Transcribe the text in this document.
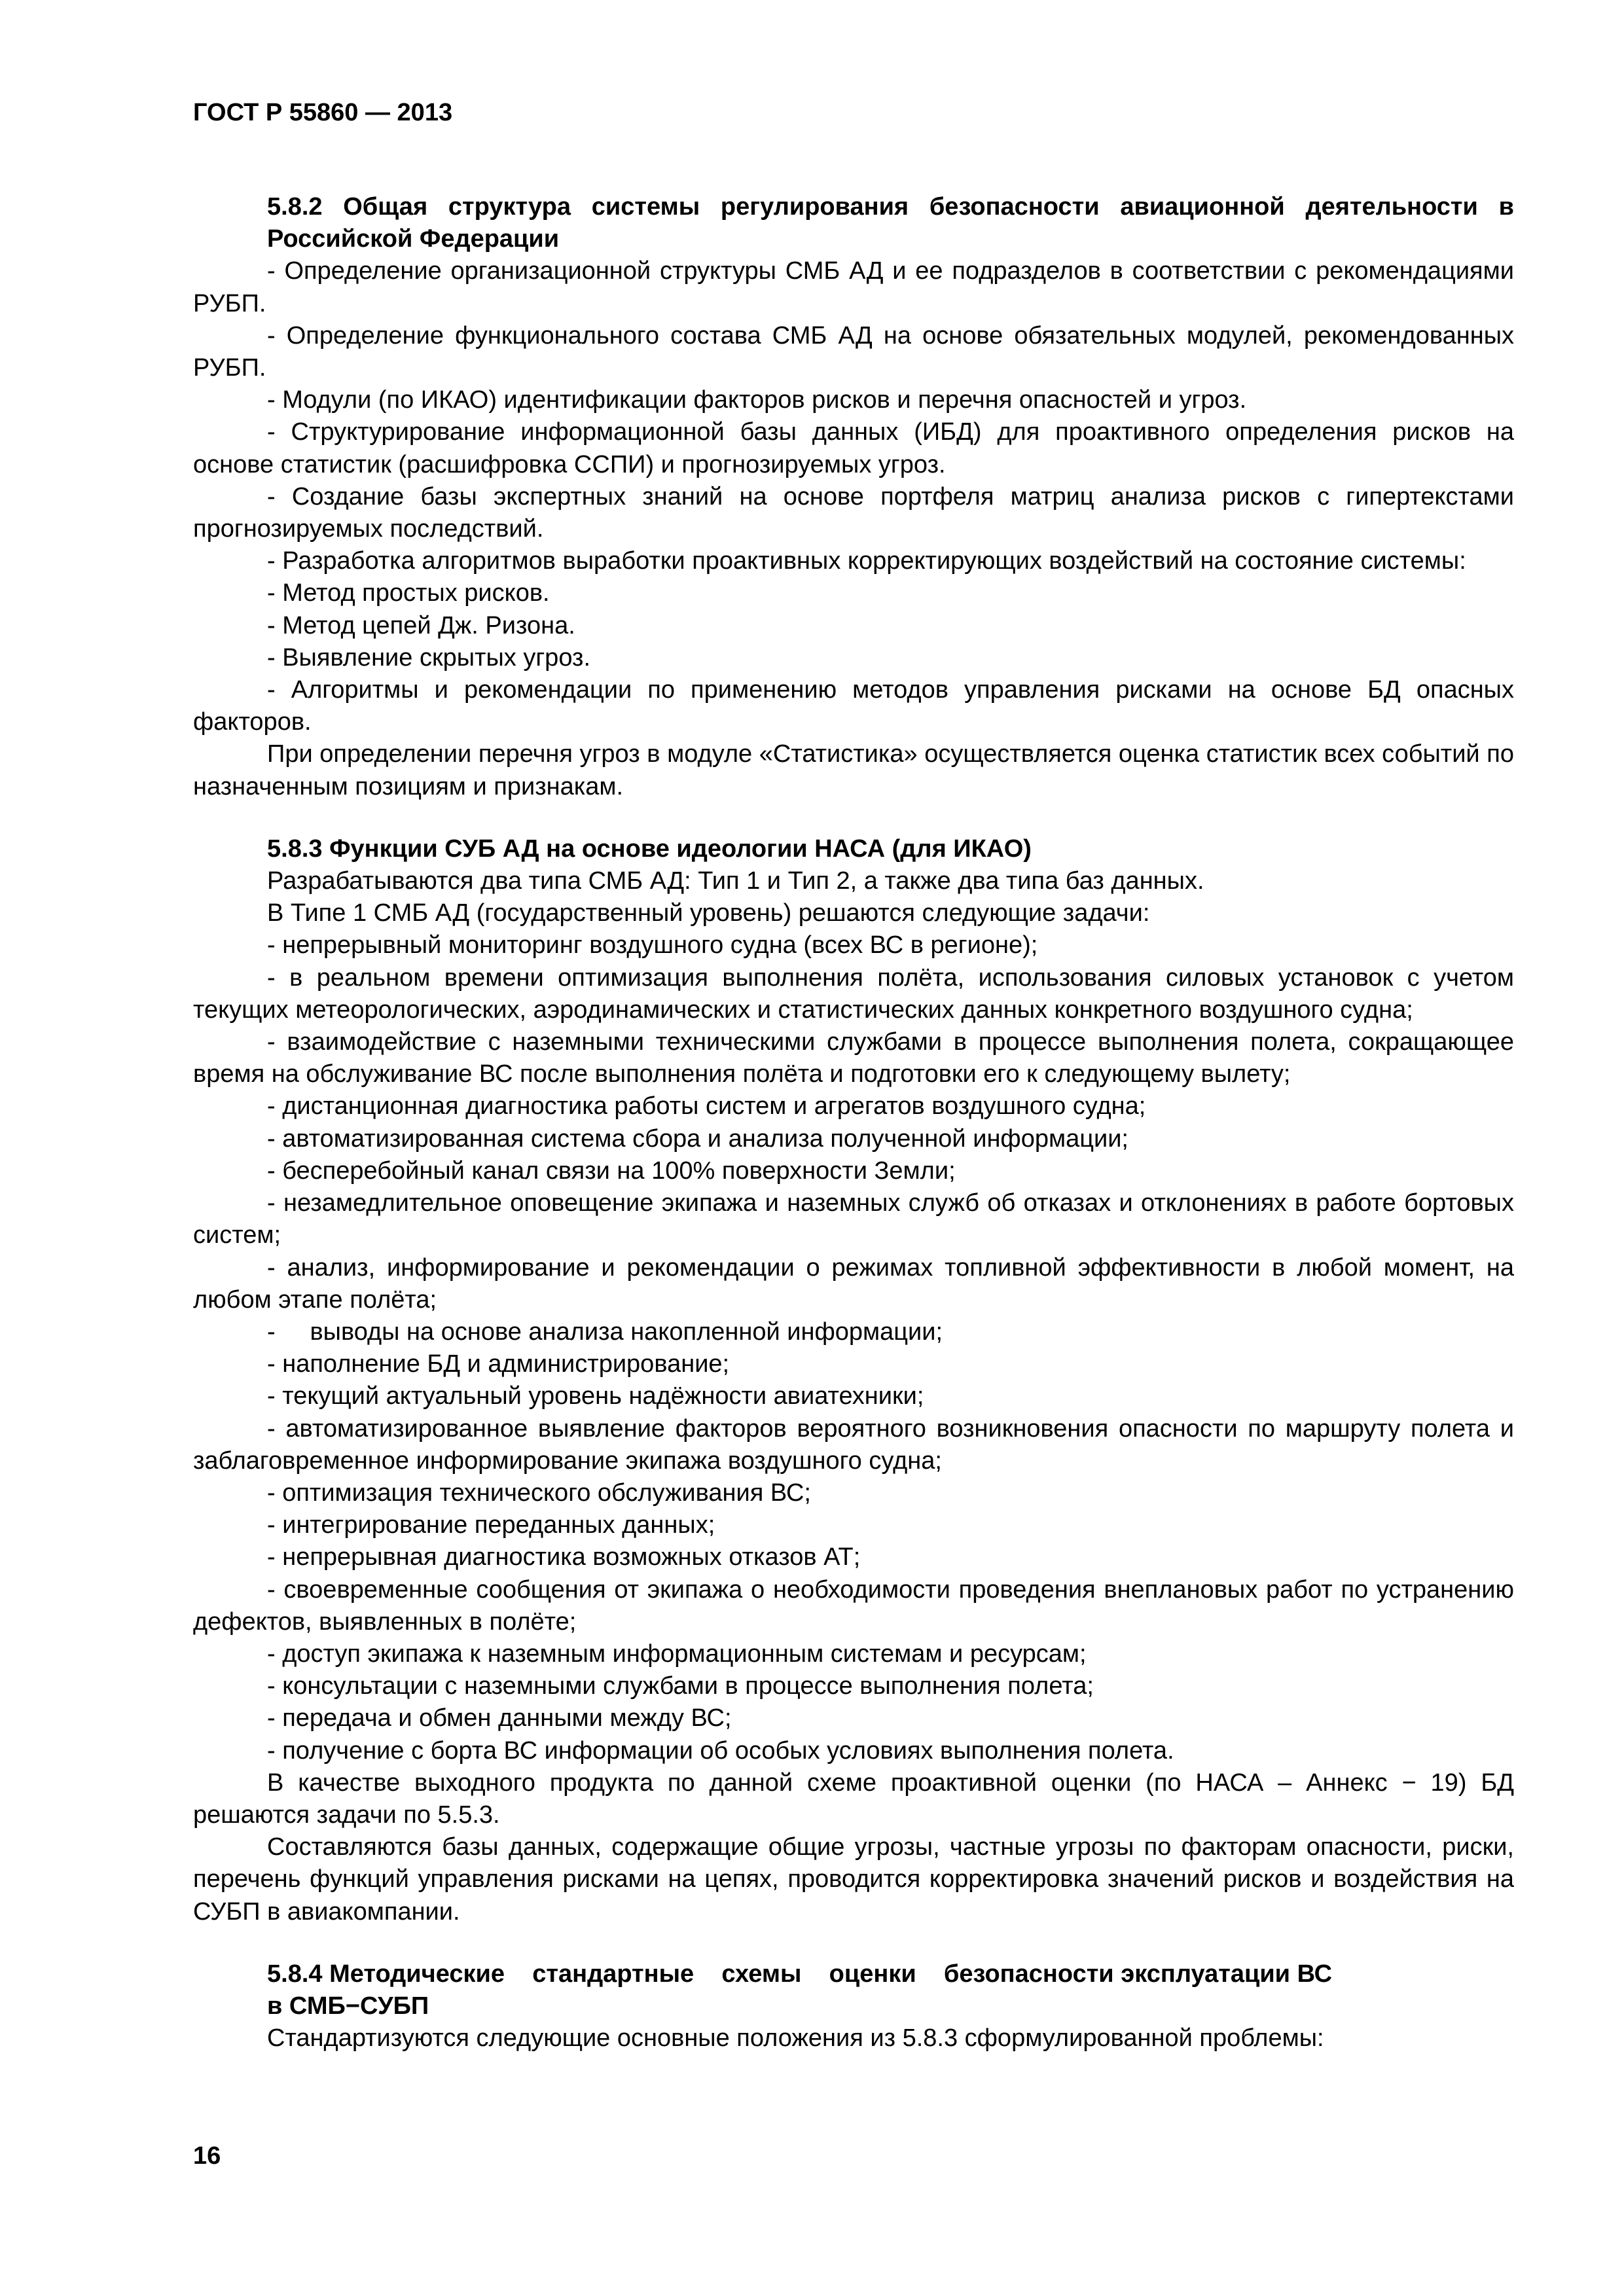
ГОСТ Р 55860 — 2013
5.8.2 Общая структура системы регулирования безопасности авиационной деятельности в Российской Федерации

- Определение организационной структуры СМБ АД и ее подразделов в соответствии с рекомендациями РУБП.

- Определение функционального состава СМБ АД на основе обязательных модулей, рекомендованных РУБП.

- Модули (по ИКАО) идентификации факторов рисков и перечня опасностей и угроз.

- Структурирование информационной базы данных (ИБД) для проактивного определения рисков на основе статистик (расшифровка ССПИ) и прогнозируемых угроз.

- Создание базы экспертных знаний на основе портфеля матриц анализа рисков с гипертекстами прогнозируемых последствий.

- Разработка алгоритмов выработки проактивных корректирующих воздействий на состояние системы:

- Метод простых рисков.

- Метод цепей Дж. Ризона.

- Выявление скрытых угроз.

- Алгоритмы и рекомендации по применению методов управления рисками на основе БД опасных факторов.

При определении перечня угроз в модуле «Статистика» осуществляется оценка статистик всех событий по назначенным позициям и признакам.

5.8.3 Функции СУБ АД на основе идеологии НАСА (для ИКАО)

Разрабатываются два типа СМБ АД: Тип 1 и Тип 2, а также два типа баз данных.

В Типе 1 СМБ АД (государственный уровень) решаются следующие задачи:

- непрерывный мониторинг воздушного судна (всех ВС в регионе);

- в реальном времени оптимизация выполнения полёта, использования силовых установок с учетом текущих метеорологических, аэродинамических и статистических данных конкретного воздушного судна;

- взаимодействие с наземными техническими службами в процессе выполнения полета, сокращающее время на обслуживание ВС после выполнения полёта и подготовки его к следующему вылету;

- дистанционная диагностика работы систем и агрегатов воздушного судна;

- автоматизированная система сбора и анализа полученной информации;

- бесперебойный канал связи на 100% поверхности Земли;

- незамедлительное оповещение экипажа и наземных служб об отказах и отклонениях в работе бортовых систем;

- анализ, информирование и рекомендации о режимах топливной эффективности в любой момент, на любом этапе полёта;

-     выводы на основе анализа накопленной информации;

- наполнение БД и администрирование;

- текущий актуальный уровень надёжности авиатехники;

- автоматизированное выявление факторов вероятного возникновения опасности по маршруту полета и заблаговременное информирование экипажа воздушного судна;

- оптимизация технического обслуживания ВС;

- интегрирование переданных данных;

- непрерывная диагностика возможных отказов АТ;

- своевременные сообщения от экипажа о необходимости проведения внеплановых работ по устранению дефектов, выявленных в полёте;

- доступ экипажа к наземным информационным системам и ресурсам;

- консультации с наземными службами в процессе выполнения полета;

- передача и обмен данными между ВС;

- получение с борта ВС информации об особых условиях выполнения полета.

В качестве выходного продукта по данной схеме проактивной оценки (по НАСА – Аннекс − 19) БД решаются задачи по 5.5.3.

Составляются базы данных, содержащие общие угрозы, частные угрозы по факторам опасности, риски, перечень функций управления рисками на цепях, проводится корректировка значений рисков и воздействия на СУБП в авиакомпании.

5.8.4 Методические    стандартные    схемы    оценки    безопасности эксплуатации ВС
в СМБ−СУБП

Стандартизуются следующие основные положения из 5.8.3 сформулированной проблемы:

16
